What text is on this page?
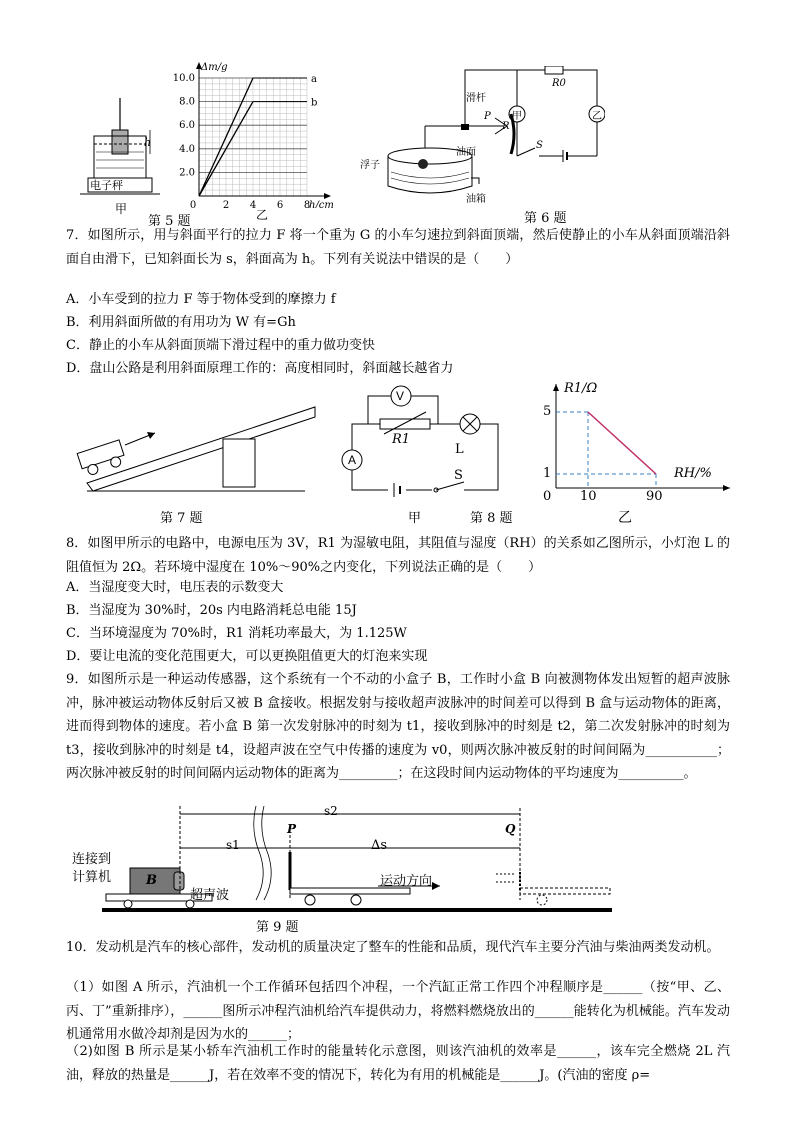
h
电子秤
甲
a
b
2.0
4.0
6.0
8.0
10.0
2 4 6 8
0
Δm/g
h/cm
第 5 题	乙
滑杆
R0
P
R
甲	乙
S
浮子
油面
油箱
第 6 题
7．如图所示，用与斜面平行的拉力 F 将一个重为 G 的小车匀速拉到斜面顶端，然后使静止的小车从斜面顶端沿斜面自由滑下，已知斜面长为 s，斜面高为 h。下列有关说法中错误的是（　　）
A．小车受到的拉力 F 等于物体受到的摩擦力 f
B．利用斜面所做的有用功为 W 有=Gh
C．静止的小车从斜面顶端下滑过程中的重力做功变快
D．盘山公路是利用斜面原理工作的：高度相同时，斜面越长越省力
第 7 题
V
A
R1
L
S
甲	第 8 题
R1/Ω
5
1
0 10	90
RH/%
乙
8．如图甲所示的电路中，电源电压为 3V，R1 为湿敏电阻，其阻值与湿度（RH）的关系如乙图所示，小灯泡 L 的阻值恒为 2Ω。若环境中湿度在 10%～90%之内变化，下列说法正确的是（　　）
A．当湿度变大时，电压表的示数变大
B．当湿度为 30%时，20s 内电路消耗总电能 15J
C．当环境湿度为 70%时，R1 消耗功率最大，为 1.125W
D．要让电流的变化范围更大，可以更换阻值更大的灯泡来实现
9．如图所示是一种运动传感器，这个系统有一个不动的小盒子 B，工作时小盒 B 向被测物体发出短暂的超声波脉冲，脉冲被运动物体反射后又被 B 盒接收。根据发射与接收超声波脉冲的时间差可以得到 B 盒与运动物体的距离，进而得到物体的速度。若小盒 B 第一次发射脉冲的时刻为 t1，接收到脉冲的时刻是 t2，第二次发射脉冲的时刻为 t3，接收到脉冲的时刻是 t4，设超声波在空气中传播的速度为 v0，则两次脉冲被反射的时间间隔为___________；两次脉冲被反射的时间间隔内运动物体的距离为_________；在这段时间内运动物体的平均速度为__________。
连接到
计算机	B
超声波
s1
s2
Δs
P	Q
运动方向
第 9 题
10．发动机是汽车的核心部件，发动机的质量决定了整车的性能和品质，现代汽车主要分汽油与柴油两类发动机。
（1）如图 A 所示，汽油机一个工作循环包括四个冲程，一个汽缸正常工作四个冲程顺序是______（按“甲、乙、丙、丁”重新排序），______图所示冲程汽油机给汽车提供动力，将燃料燃烧放出的______能转化为机械能。汽车发动机通常用水做冷却剂是因为水的______；
（2)如图 B 所示是某小轿车汽油机工作时的能量转化示意图，则该汽油机的效率是______，该车完全燃烧 2L 汽油，释放的热量是______J，若在效率不变的情况下，转化为有用的机械能是______J。(汽油的密度 ρ=
